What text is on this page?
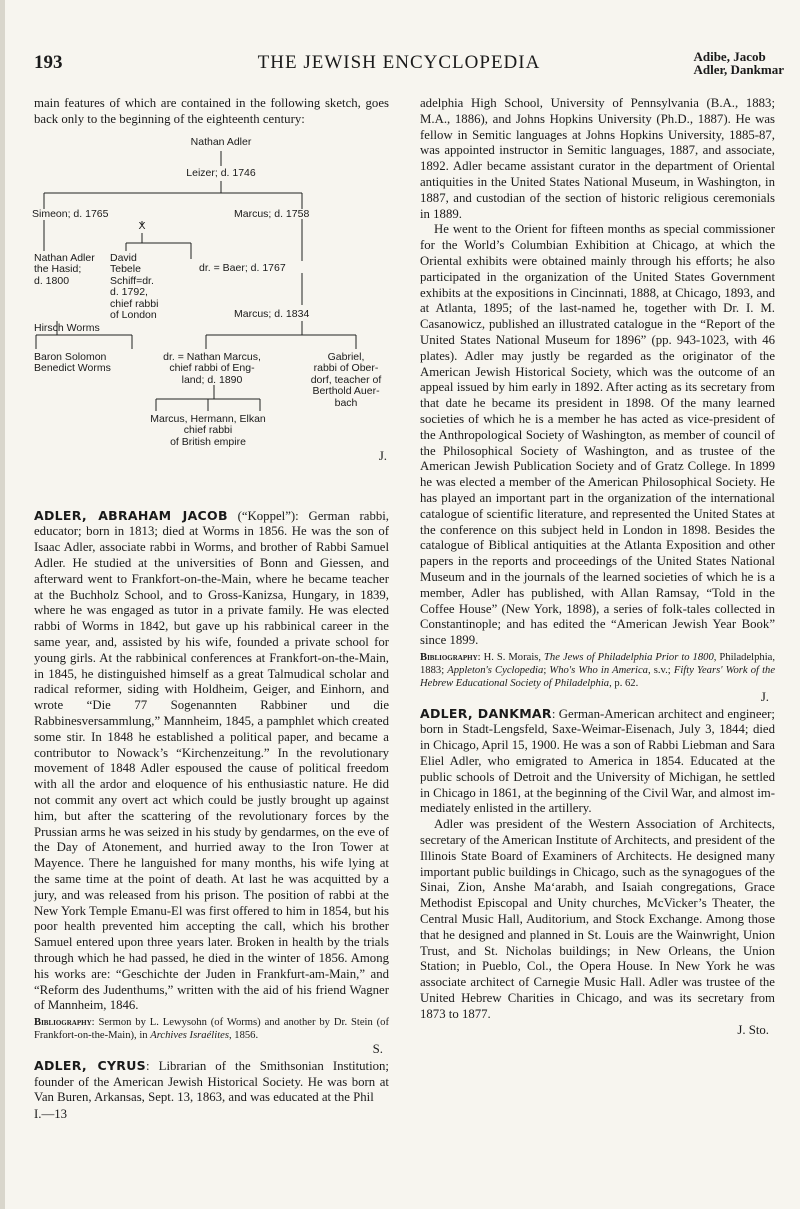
193	THE JEWISH ENCYCLOPEDIA	Adibe, Jacob
Adler, Dankmar

main features of which are contained in the following sketch, goes back only to the beginning of the eighteenth century:

Nathan Adler
Leizer; d. 1746
Simeon; d. 1765
X
Marcus; d. 1758
Nathan Adler
the Hasid;
d. 1800
David
Tebele
Schiff=dr.
d. 1792,
chief rabbi
of London
dr. = Baer; d. 1767
Marcus; d. 1834
Hirsch Worms
Baron Solomon
Benedict Worms
dr. = Nathan Marcus,
chief rabbi of Eng-
land; d. 1890
Gabriel,
rabbi of Ober-
dorf, teacher of
Berthold Auer-
bach
Marcus, Hermann, Elkan
chief rabbi
of British empire
J.

ADLER, ABRAHAM JACOB (“Koppel”): German rabbi, educator; born in 1813; died at Worms in 1856. He was the son of Isaac Adler, associate rabbi in Worms, and brother of Rabbi Samuel Adler. He studied at the universities of Bonn and Giessen, and afterward went to Frankfort-on-the-Main, where he became teacher at the Buchholz School, and to Gross-Kanizsa, Hungary, in 1839, where he was engaged as tutor in a private family. He was elected rabbi of Worms in 1842, but gave up his rabbinical career in the same year, and, assisted by his wife, founded a private school for young girls. At the rabbinical conferences at Frankfort-on-the-Main, in 1845, he distinguished himself as a great Talmudical scholar and radical reformer, siding with Holdheim, Geiger, and Einhorn, and wrote “Die 77 Sogenannten Rabbiner und die Rabbinesversammlung,” Mannheim, 1845, a pamphlet which created some stir. In 1848 he established a political paper, and became a contributor to Nowack’s “Kirchenzeitung.” In the revolutionary movement of 1848 Adler espoused the cause of political freedom with all the ardor and eloquence of his enthusiastic nature. He did not commit any overt act which could be justly brought up against him, but after the scattering of the revolutionary forces by the Prussian arms he was seized in his study by gendarmes, on the eve of the Day of Atonement, and hurried away to the Iron Tower at Mayence. There he languished for many months, his wife lying at the same time at the point of death. At last he was acquitted by a jury, and was released from his prison. The position of rabbi at the New York Temple Emanu-El was first offered to him in 1854, but his poor health prevented him accepting the call, which his brother Samuel entered upon three years later. Broken in health by the trials through which he had passed, he died in the winter of 1856. Among his works are: “Geschichte der Juden in Frankfurt-am-Main,” and “Reform des Judenthums,” written with the aid of his friend Wagner of Mannheim, 1846.

Bibliography: Sermon by L. Lewysohn (of Worms) and another by Dr. Stein (of Frankfort-on-the-Main), in Archives Israélites, 1856.

S.

ADLER, CYRUS: Librarian of the Smithsonian Institution; founder of the American Jewish Historical Society. He was born at Van Buren, Arkansas, Sept. 13, 1863, and was educated at the Phil

I.—13

adelphia High School, University of Pennsylvania (B.A., 1883; M.A., 1886), and Johns Hopkins University (Ph.D., 1887). He was fellow in Semitic languages at Johns Hopkins University, 1885-87, was appointed instructor in Semitic languages, 1887, and associate, 1892. Adler became assistant curator in the department of Oriental antiquities in the United States National Museum, in Washington, in 1887, and custodian of the section of historic religious ceremonials in 1889.

He went to the Orient for fifteen months as special commissioner for the World’s Columbian Exhibition at Chicago, at which the Oriental exhibits were obtained mainly through his efforts; he also participated in the organization of the United States Government exhibits at the expositions in Cincinnati, 1888, at Chicago, 1893, and at Atlanta, 1895; of the last-named he, together with Dr. I. M. Casanowicz, published an illustrated catalogue in the “Report of the United States National Museum for 1896” (pp. 943-1023, with 46 plates). Adler may justly be regarded as the originator of the American Jewish Historical Society, which was the outcome of an appeal issued by him early in 1892. After acting as its secretary from that date he became its president in 1898. Of the many learned societies of which he is a member he has acted as vice-president of the Anthropological Society of Washington, as member of council of the Philosophical Society of Washington, and as trustee of the American Jewish Publication Society and of Gratz College. In 1899 he was elected a member of the American Philosophical Society. He has played an important part in the organization of the international catalogue of scientific literature, and represented the United States at the conference on this subject held in London in 1898. Besides the catalogue of Biblical antiquities at the Atlanta Exposition and other papers in the reports and proceedings of the United States National Museum and in the journals of the learned societies of which he is a member, Adler has published, with Allan Ramsay, “Told in the Coffee House” (New York, 1898), a series of folk-tales collected in Constantinople; and has edited the “American Jewish Year Book” since 1899.

Bibliography: H. S. Morais, The Jews of Philadelphia Prior to 1800, Philadelphia, 1883; Appleton's Cyclopedia; Who's Who in America, s.v.; Fifty Years' Work of the Hebrew Educational Society of Philadelphia, p. 62.

J.

ADLER, DANKMAR: German-American architect and engineer; born in Stadt-Lengsfeld, Saxe-Weimar-Eisenach, July 3, 1844; died in Chicago, April 15, 1900. He was a son of Rabbi Liebman and Sara Eliel Adler, who emigrated to America in 1854. Educated at the public schools of Detroit and the University of Michigan, he settled in Chicago in 1861, at the beginning of the Civil War, and almost immediately enlisted in the artillery.

Adler was president of the Western Association of Architects, secretary of the American Institute of Architects, and president of the Illinois State Board of Examiners of Architects. He designed many important public buildings in Chicago, such as the synagogues of the Sinai, Zion, Anshe Ma‘arabh, and Isaiah congregations, Grace Methodist Episcopal and Unity churches, McVicker’s Theater, the Central Music Hall, Auditorium, and Stock Exchange. Among those that he designed and planned in St. Louis are the Wainwright, Union Trust, and St. Nicholas buildings; in New Orleans, the Union Station; in Pueblo, Col., the Opera House. In New York he was associate architect of Carnegie Music Hall. Adler was trustee of the United Hebrew Charities in Chicago, and was its secretary from 1873 to 1877.

J. Sto.
